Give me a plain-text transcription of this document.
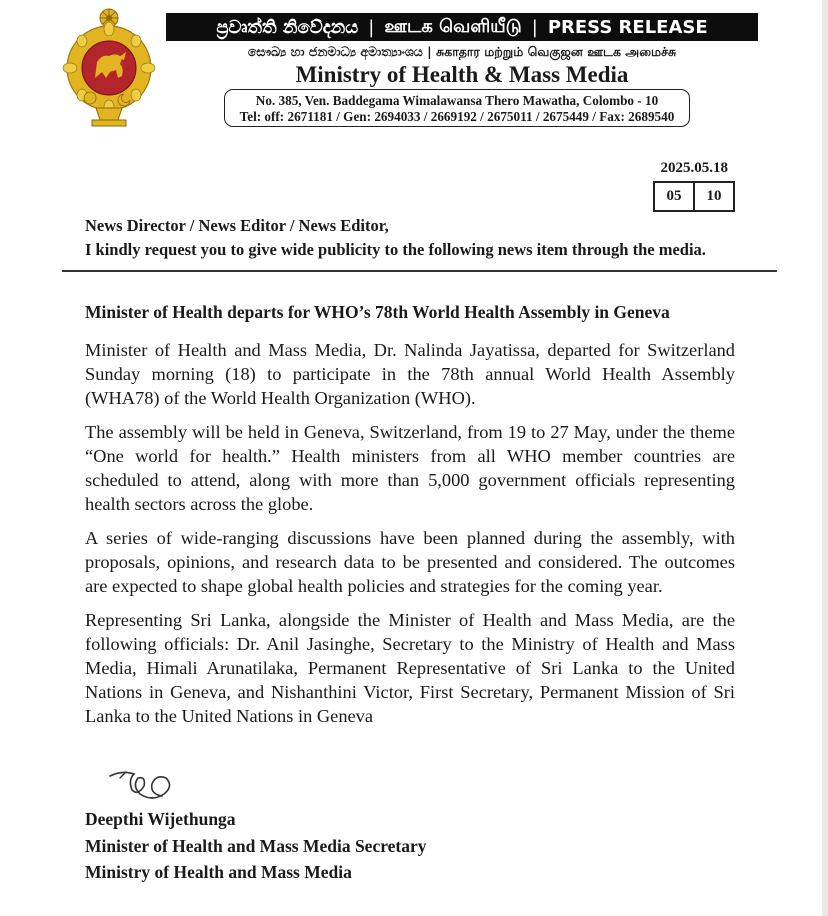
ප්‍රවෘත්ති නිවේදනය | ஊடக வெளியீடு | PRESS RELEASE
සෞඛ්‍ය හා ජනමාධ්‍ය අමාත්‍යාංශය | சுகாதார மற்றும் வெகுஜன ஊடக அமைச்சு
Ministry of Health & Mass Media
No. 385, Ven. Baddegama Wimalawansa Thero Mawatha, Colombo - 10
Tel: off: 2671181 / Gen: 2694033 / 2669192 / 2675011 / 2675449 / Fax: 2689540
2025.05.18
05	10
News Director / News Editor / News Editor,
I kindly request you to give wide publicity to the following news item through the media.
Minister of Health departs for WHO’s 78th World Health Assembly in Geneva
Minister of Health and Mass Media, Dr. Nalinda Jayatissa, departed for Switzerland Sunday morning (18) to participate in the 78th annual World Health Assembly (WHA78) of the World Health Organization (WHO).
The assembly will be held in Geneva, Switzerland, from 19 to 27 May, under the theme “One world for health.” Health ministers from all WHO member countries are scheduled to attend, along with more than 5,000 government officials representing health sectors across the globe.
A series of wide-ranging discussions have been planned during the assembly, with proposals, opinions, and research data to be presented and considered. The outcomes are expected to shape global health policies and strategies for the coming year.
Representing Sri Lanka, alongside the Minister of Health and Mass Media, are the following officials: Dr. Anil Jasinghe, Secretary to the Ministry of Health and Mass Media, Himali Arunatilaka, Permanent Representative of Sri Lanka to the United Nations in Geneva, and Nishanthini Victor, First Secretary, Permanent Mission of Sri Lanka to the United Nations in Geneva
Deepthi Wijethunga
Minister of Health and Mass Media Secretary
Ministry of Health and Mass Media
